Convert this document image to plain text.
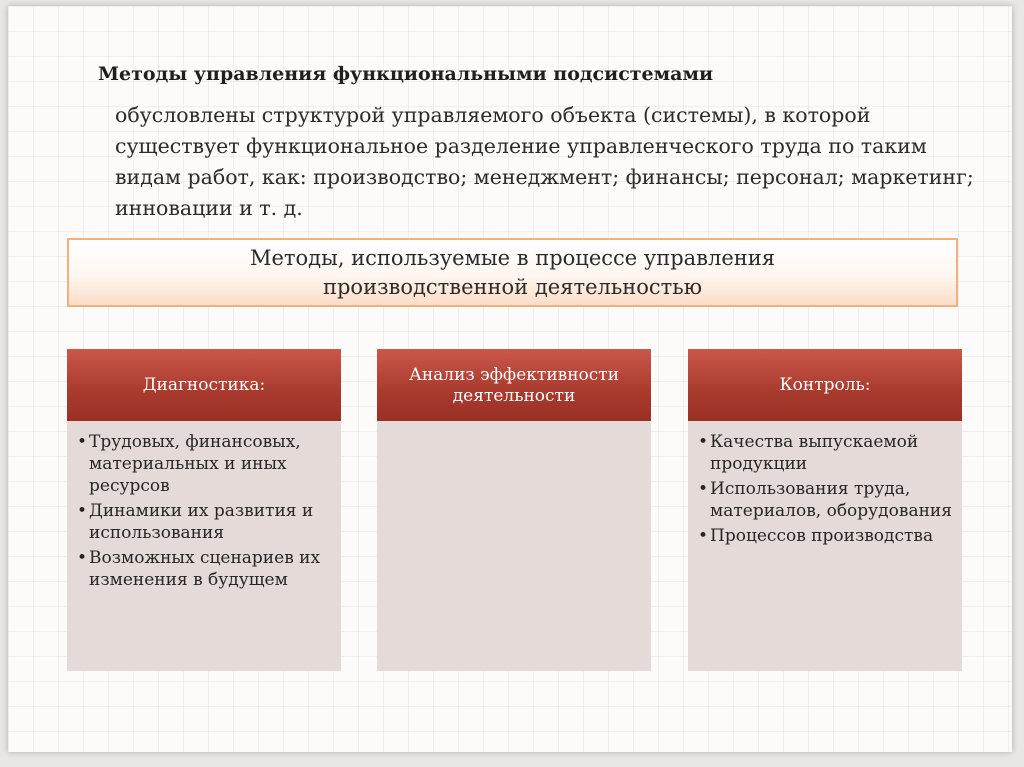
Методы управления функциональными подсистемами
обусловлены структурой управляемого объекта (системы), в которой существует функциональное разделение управленческого труда по таким видам работ, как: производство; менеджмент; финансы; персонал; маркетинг; инновации и т. д.
Методы, используемые в процессе управления
производственной деятельностью
Диагностика:
• Трудовых, финансовых, материальных и иных ресурсов
• Динамики их развития и использования
• Возможных сценариев их изменения в будущем
Анализ эффективности деятельности
Контроль:
• Качества выпускаемой продукции
• Использования труда, материалов, оборудования
• Процессов производства
